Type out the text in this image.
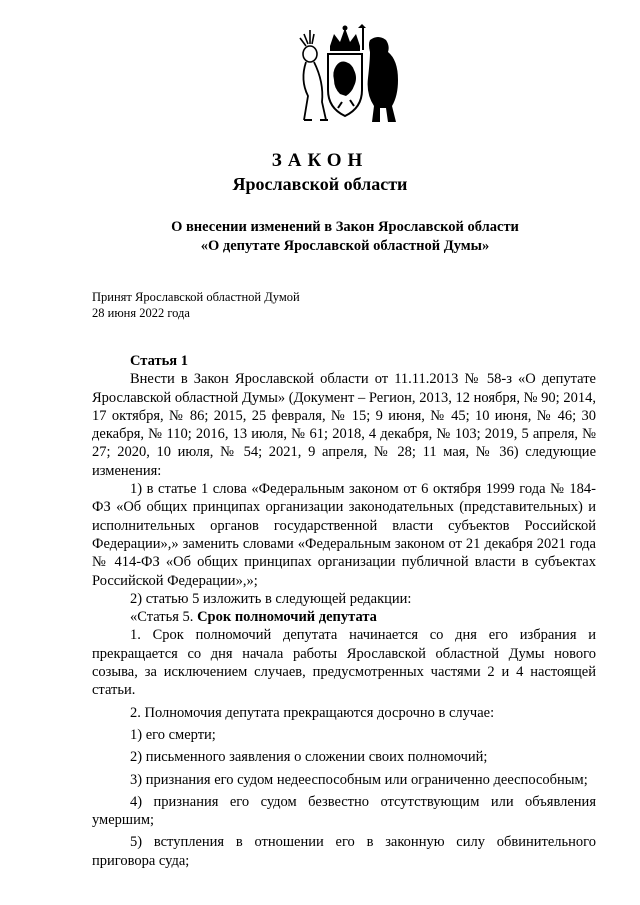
ЗАКОН
Ярославской области
О внесении изменений в Закон Ярославской области
«О депутате Ярославской областной Думы»
Принят Ярославской областной Думой
28 июня 2022 года

Статья 1

Внести в Закон Ярославской области от 11.11.2013 № 58-з «О депутате Ярославской областной Думы» (Документ – Регион, 2013, 12 ноября, № 90; 2014, 17 октября, № 86; 2015, 25 февраля, № 15; 9 июня, № 45; 10 июня, № 46; 30 декабря, № 110; 2016, 13 июля, № 61; 2018, 4 декабря, № 103; 2019, 5 апреля, № 27; 2020, 10 июля, № 54; 2021, 9 апреля, № 28; 11 мая, № 36) следующие изменения:

1) в статье 1 слова «Федеральным законом от 6 октября 1999 года № 184-ФЗ «Об общих принципах организации законодательных (представительных) и исполнительных органов государственной власти субъектов Российской Федерации»,» заменить словами «Федеральным законом от 21 декабря 2021 года № 414-ФЗ «Об общих принципах организации публичной власти в субъектах Российской Федерации»,»;

2) статью 5 изложить в следующей редакции:

«Статья 5. Срок полномочий депутата

1. Срок полномочий депутата начинается со дня его избрания и прекращается со дня начала работы Ярославской областной Думы нового созыва, за исключением случаев, предусмотренных частями 2 и 4 настоящей статьи.

2. Полномочия депутата прекращаются досрочно в случае:

1) его смерти;

2) письменного заявления о сложении своих полномочий;

3) признания его судом недееспособным или ограниченно дееспособным;

4) признания его судом безвестно отсутствующим или объявления умершим;

5) вступления в отношении его в законную силу обвинительного приговора суда;
